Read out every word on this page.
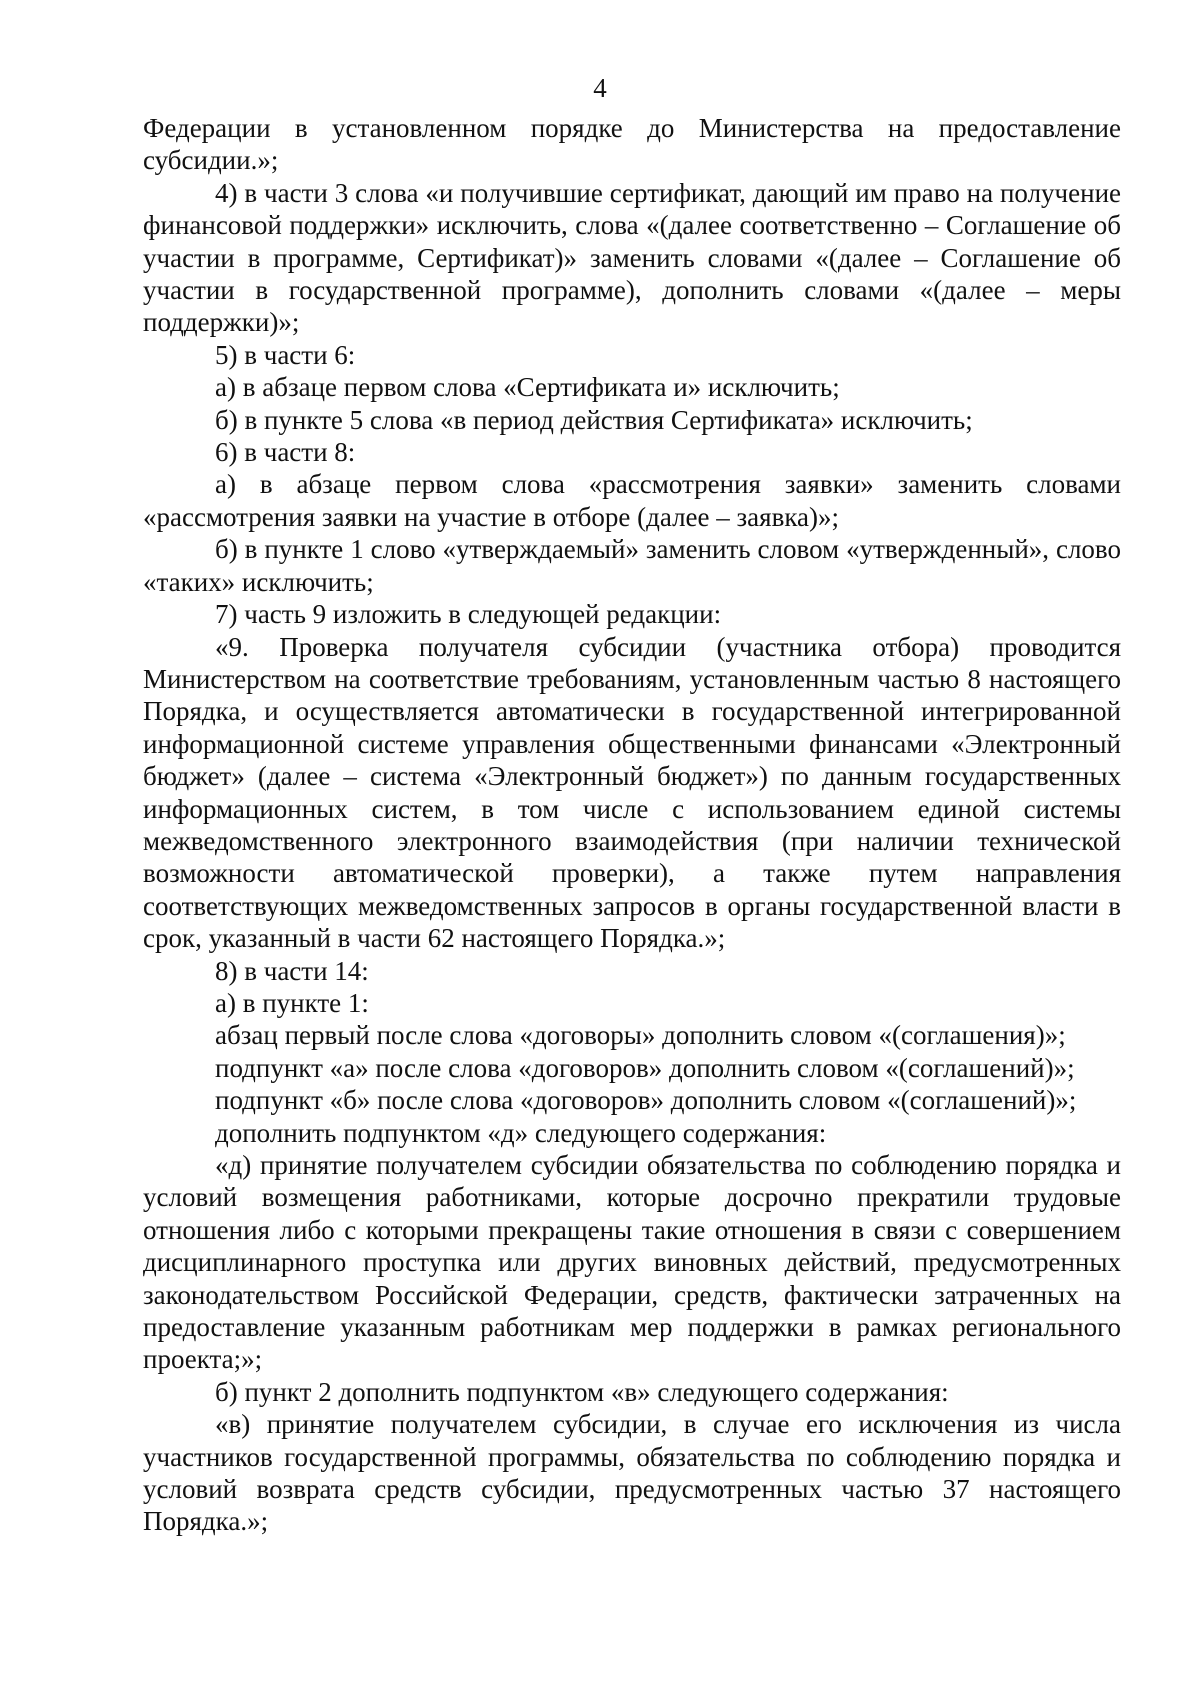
4

Федерации в установленном порядке до Министерства на предоставление субсидии.»;

4) в части 3 слова «и получившие сертификат, дающий им право на получение финансовой поддержки» исключить, слова «(далее соответственно – Соглашение об участии в программе, Сертификат)» заменить словами «(далее – Соглашение об участии в государственной программе), дополнить словами «(далее – меры поддержки)»;

5) в части 6:

а) в абзаце первом слова «Сертификата и» исключить;

б) в пункте 5 слова «в период действия Сертификата» исключить;

6) в части 8:

а) в абзаце первом слова «рассмотрения заявки» заменить словами «рассмотрения заявки на участие в отборе (далее – заявка)»;

б) в пункте 1 слово «утверждаемый» заменить словом «утвержденный», слово «таких» исключить;

7) часть 9 изложить в следующей редакции:

«9. Проверка получателя субсидии (участника отбора) проводится Министерством на соответствие требованиям, установленным частью 8 настоящего Порядка, и осуществляется автоматически в государственной интегрированной информационной системе управления общественными финансами «Электронный бюджет» (далее – система «Электронный бюджет») по данным государственных информационных систем, в том числе с использованием единой системы межведомственного электронного взаимодействия (при наличии технической возможности автоматической проверки), а также путем направления соответствующих межведомственных запросов в органы государственной власти в срок, указанный в части 62 настоящего Порядка.»;

8) в части 14:

а) в пункте 1:

абзац первый после слова «договоры» дополнить словом «(соглашения)»;

подпункт «а» после слова «договоров» дополнить словом «(соглашений)»;

подпункт «б» после слова «договоров» дополнить словом «(соглашений)»;

дополнить подпунктом «д» следующего содержания:

«д) принятие получателем субсидии обязательства по соблюдению порядка и условий возмещения работниками, которые досрочно прекратили трудовые отношения либо с которыми прекращены такие отношения в связи с совершением дисциплинарного проступка или других виновных действий, предусмотренных законодательством Российской Федерации, средств, фактически затраченных на предоставление указанным работникам мер поддержки в рамках регионального проекта;»;

б) пункт 2 дополнить подпунктом «в» следующего содержания:

«в) принятие получателем субсидии, в случае его исключения из числа участников государственной программы, обязательства по соблюдению порядка и условий возврата средств субсидии, предусмотренных частью 37 настоящего Порядка.»;
